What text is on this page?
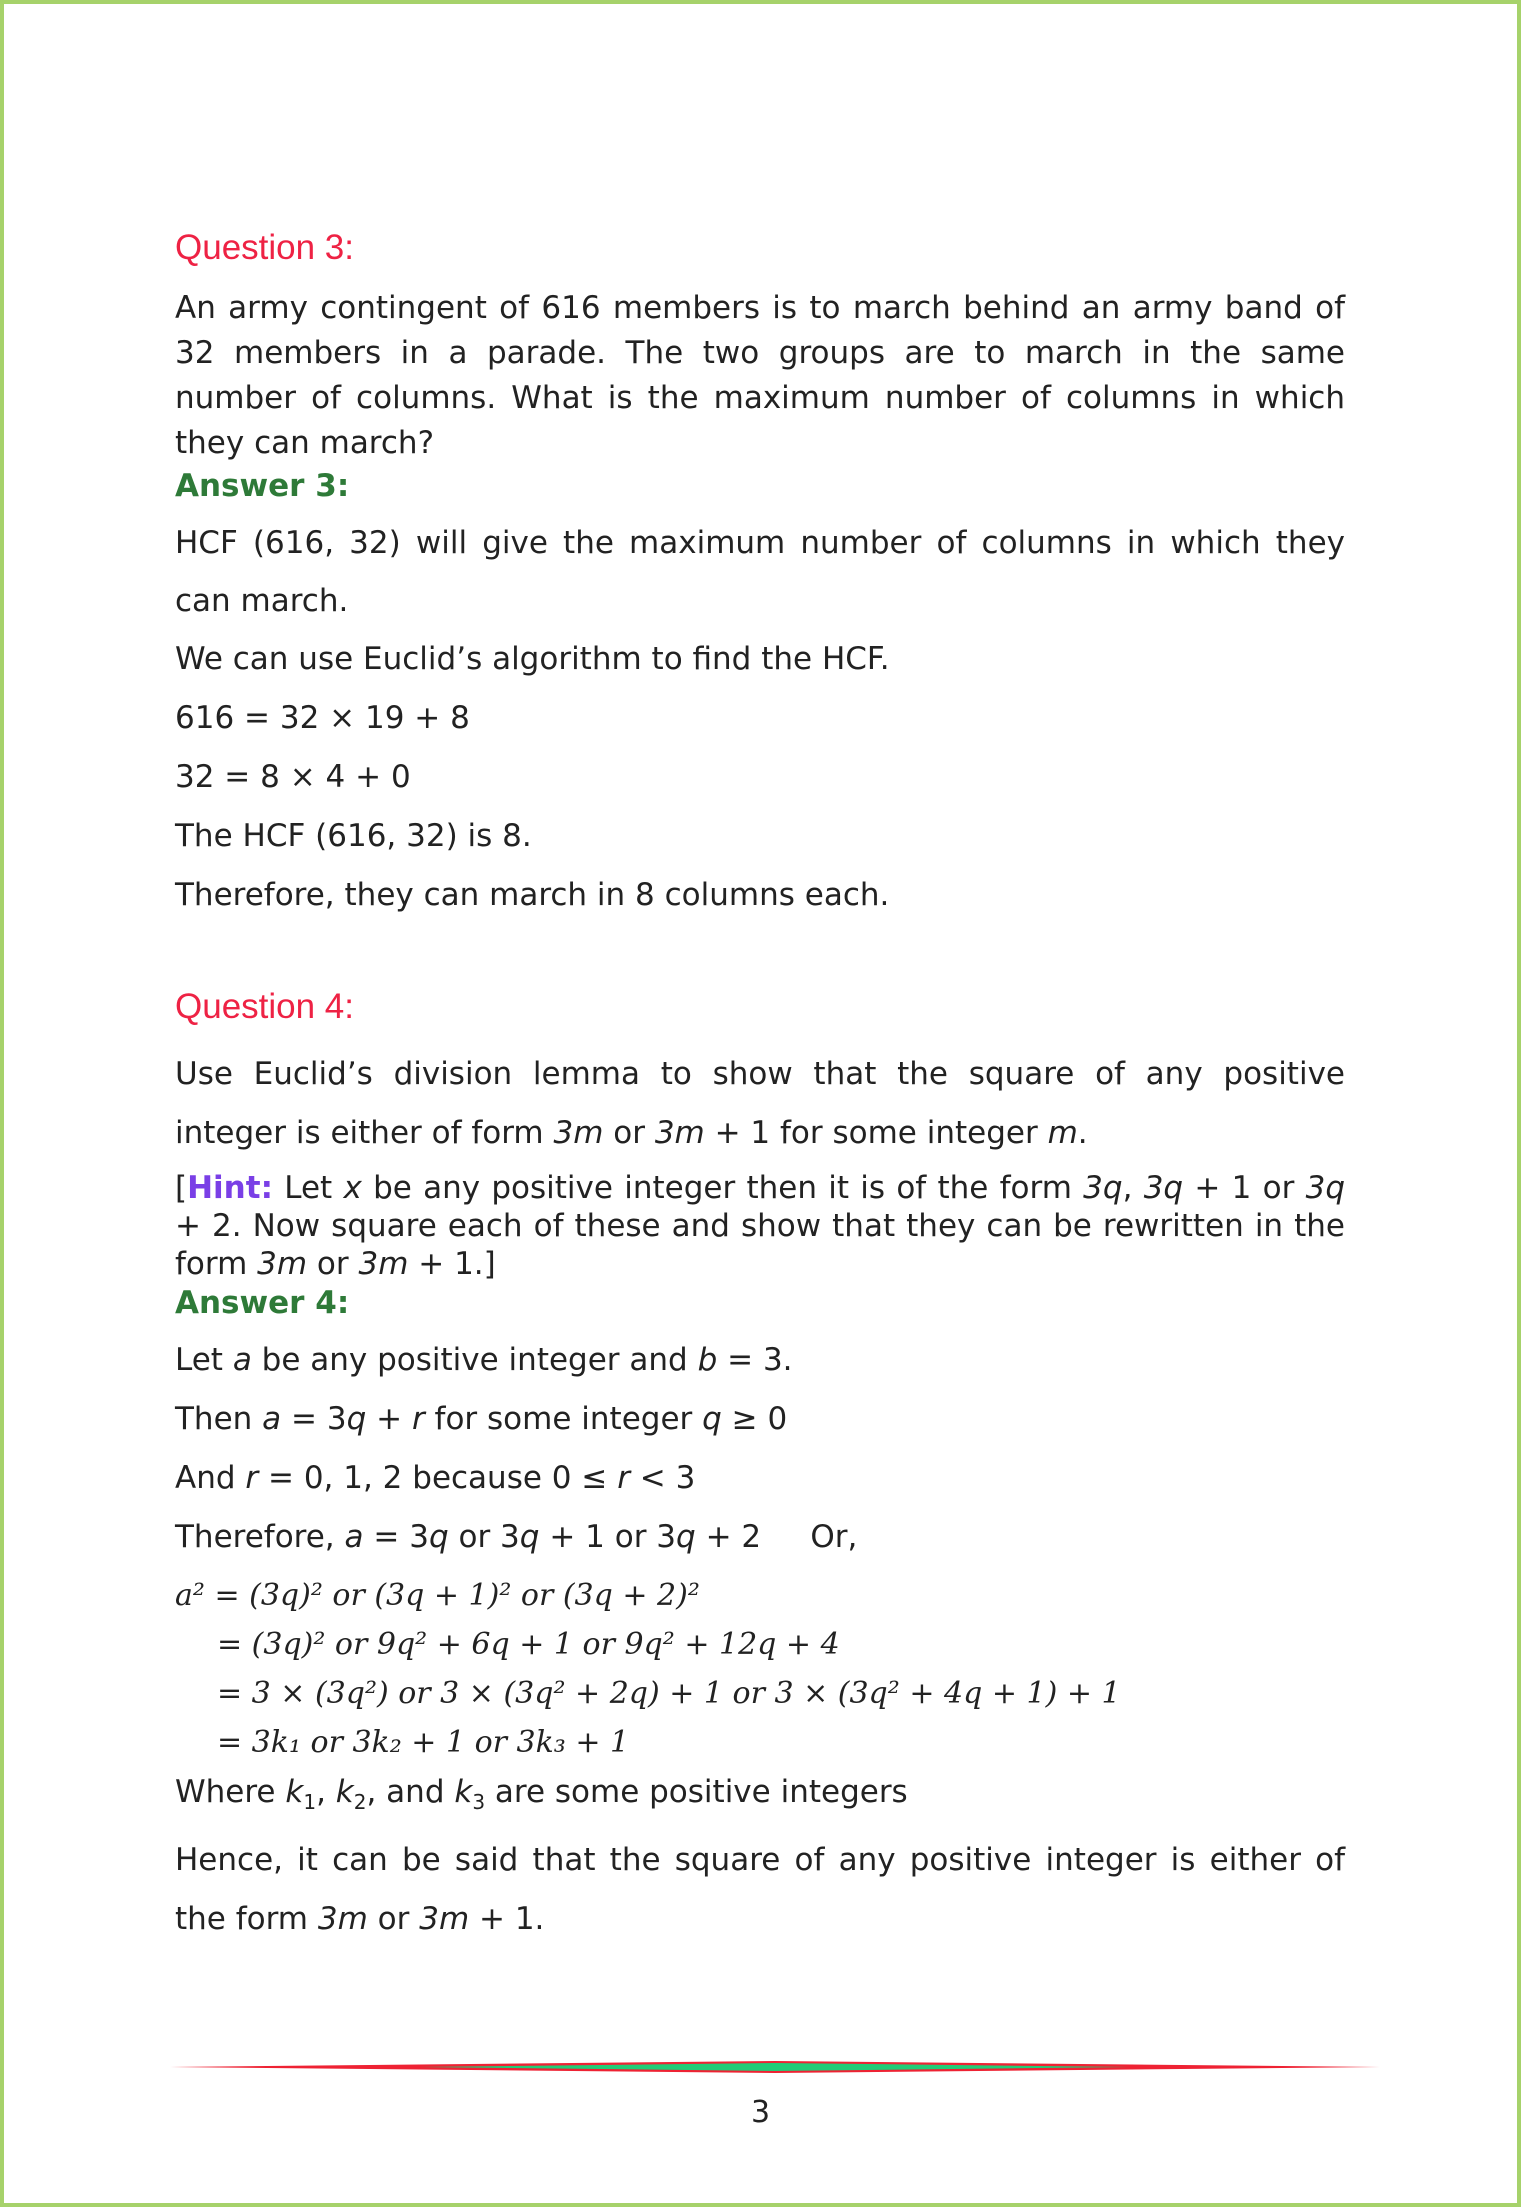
Question 3:

An army contingent of 616 members is to march behind an army band of 32 members in a parade. The two groups are to march in the same number of columns. What is the maximum number of columns in which they can march?

Answer 3:

HCF (616, 32) will give the maximum number of columns in which they can march.

We can use Euclid’s algorithm to find the HCF.

616 = 32 × 19 + 8

32 = 8 × 4 + 0

The HCF (616, 32) is 8.

Therefore, they can march in 8 columns each.

Question 4:

Use Euclid’s division lemma to show that the square of any positive integer is either of form 3m or 3m + 1 for some integer m.

[Hint: Let x be any positive integer then it is of the form 3q, 3q + 1 or 3q + 2. Now square each of these and show that they can be rewritten in the form 3m or 3m + 1.]

Answer 4:

Let a be any positive integer and b = 3.

Then a = 3q + r for some integer q ≥ 0

And r = 0, 1, 2 because 0 ≤ r < 3

Therefore, a = 3q or 3q + 1 or 3q + 2     Or,

a² = (3q)² or (3q + 1)² or (3q + 2)²

= (3q)² or 9q² + 6q + 1 or 9q² + 12q + 4

= 3 × (3q²) or 3 × (3q² + 2q) + 1 or 3 × (3q² + 4q + 1) + 1

= 3k₁ or 3k₂ + 1 or 3k₃ + 1

Where $k_1$, $k_2$, and $k_3$ are some positive integers

Hence, it can be said that the square of any positive integer is either of the form 3m or 3m + 1.

3
